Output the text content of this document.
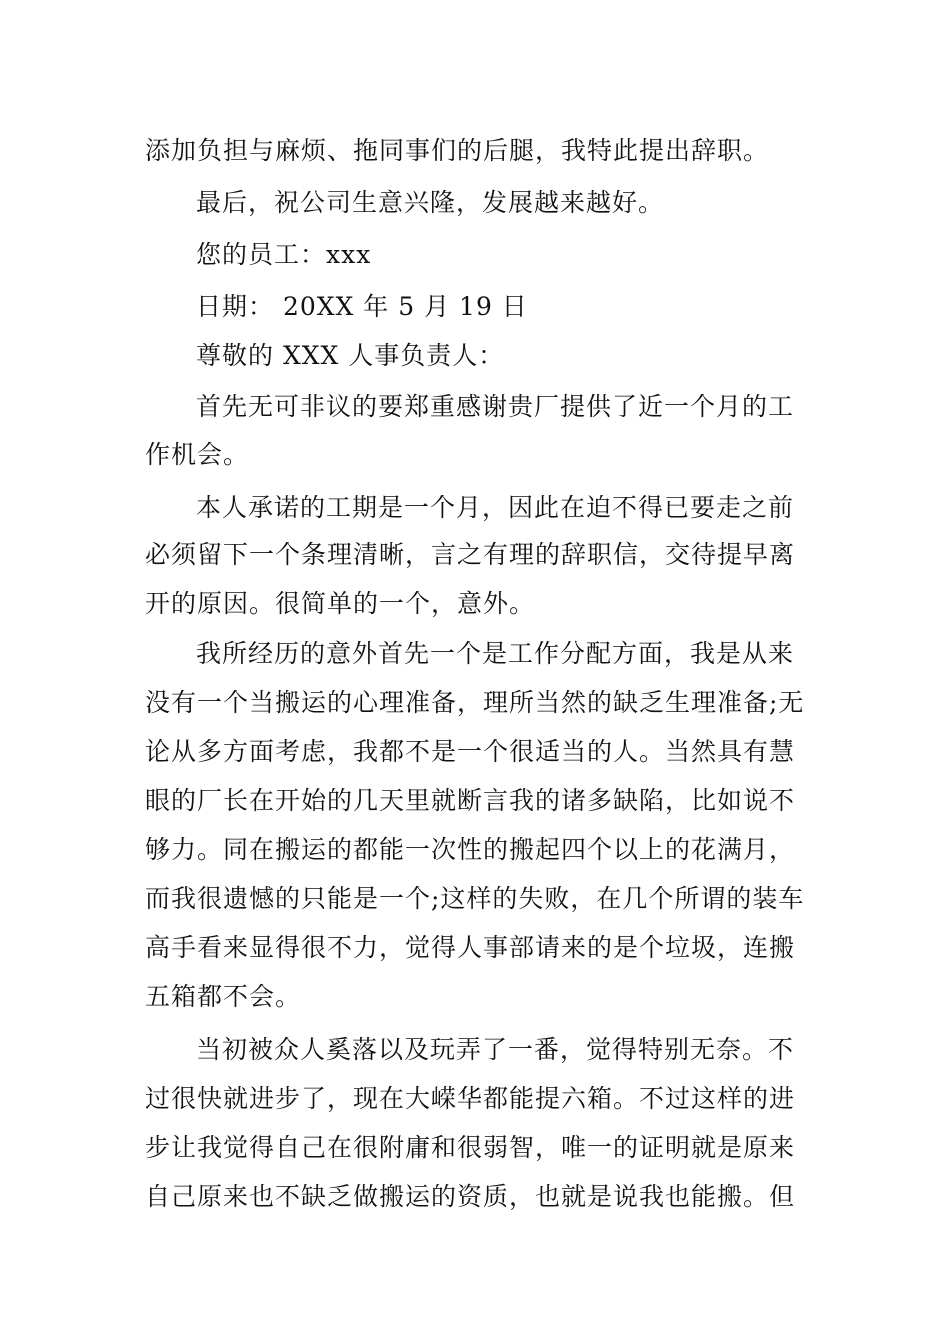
添加负担与麻烦、拖同事们的后腿，我特此提出辞职。
最后，祝公司生意兴隆，发展越来越好。
您的员工：xxx
日期： 20XX 年 5 月 19 日
尊敬的 XXX 人事负责人：
首先无可非议的要郑重感谢贵厂提供了近一个月的工
作机会。
本人承诺的工期是一个月，因此在迫不得已要走之前
必须留下一个条理清晰，言之有理的辞职信，交待提早离
开的原因。很简单的一个，意外。
我所经历的意外首先一个是工作分配方面，我是从来
没有一个当搬运的心理准备，理所当然的缺乏生理准备;无
论从多方面考虑，我都不是一个很适当的人。当然具有慧
眼的厂长在开始的几天里就断言我的诸多缺陷，比如说不
够力。同在搬运的都能一次性的搬起四个以上的花满月，
而我很遗憾的只能是一个;这样的失败，在几个所谓的装车
高手看来显得很不力，觉得人事部请来的是个垃圾，连搬
五箱都不会。
当初被众人奚落以及玩弄了一番，觉得特别无奈。不
过很快就进步了，现在大嵘华都能提六箱。不过这样的进
步让我觉得自己在很附庸和很弱智，唯一的证明就是原来
自己原来也不缺乏做搬运的资质，也就是说我也能搬。但
